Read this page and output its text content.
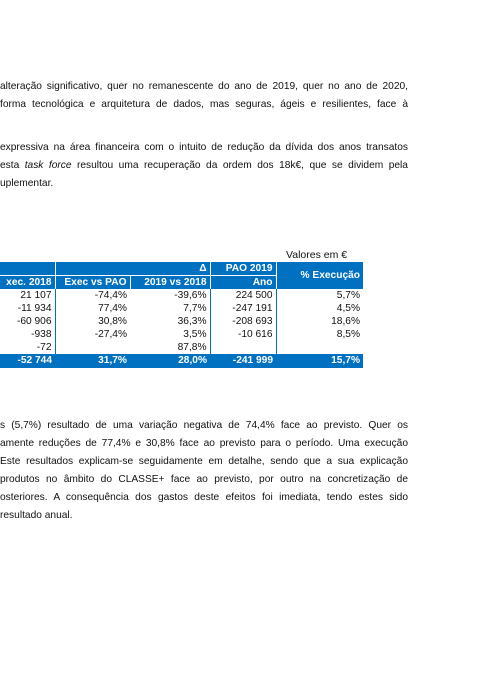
alteração significativo, quer no remanescente do ano de 2019, quer no ano de 2020,
forma tecnológica e arquitetura de dados, mas seguras, ágeis e resilientes, face à
expressiva na área financeira com o intuito de redução da dívida dos anos transatos
esta task force resultou uma recuperação da ordem dos 18k€, que se dividem pela
uplementar.
Valores em €
	Δ		PAO 2019	% Execução
xec. 2018	Exec vs PAO	2019 vs 2018	Ano	
21 107	-74,4%	-39,6%	224 500	5,7%
-11 934	77,4%	7,7%	-247 191	4,5%
-60 906	30,8%	36,3%	-208 693	18,6%
-938	-27,4%	3,5%	-10 616	8,5%
-72		87,8%		
-52 744	31,7%	28,0%	-241 999	15,7%
s (5,7%) resultado de uma variação negativa de 74,4% face ao previsto. Quer os
amente reduções de 77,4% e 30,8% face ao previsto para o período. Uma execução
Este resultados explicam-se seguidamente em detalhe, sendo que a sua explicação
produtos no âmbito do CLASSE+ face ao previsto, por outro na concretização de
osteriores. A consequência dos gastos deste efeitos foi imediata, tendo estes sido
resultado anual.
